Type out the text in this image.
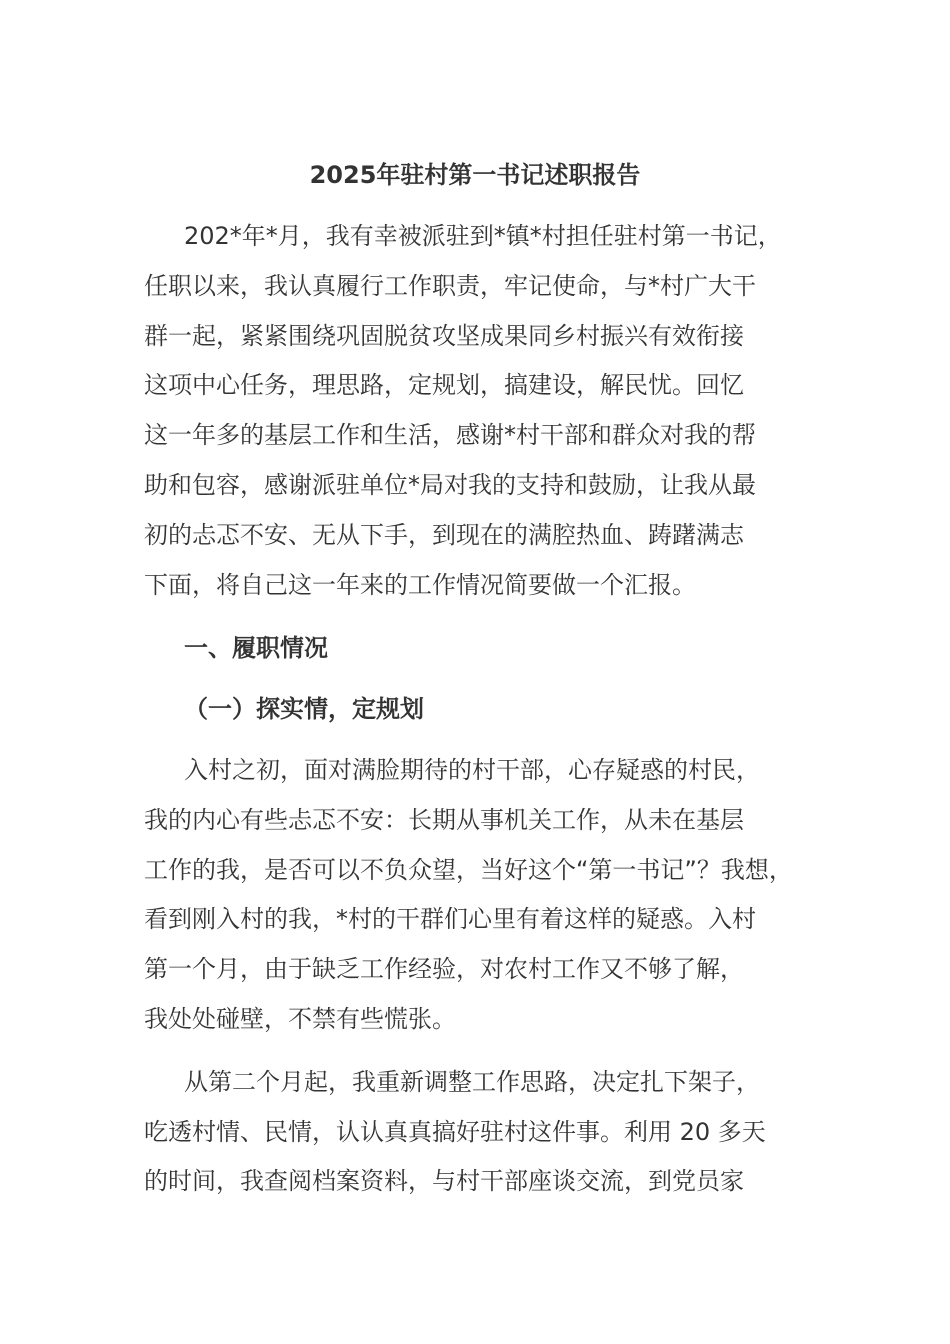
2025年驻村第一书记述职报告
202*年*月，我有幸被派驻到*镇*村担任驻村第一书记，
任职以来，我认真履行工作职责，牢记使命，与*村广大干
群一起，紧紧围绕巩固脱贫攻坚成果同乡村振兴有效衔接
这项中心任务，理思路，定规划，搞建设，解民忧。回忆
这一年多的基层工作和生活，感谢*村干部和群众对我的帮
助和包容，感谢派驻单位*局对我的支持和鼓励，让我从最
初的忐忑不安、无从下手，到现在的满腔热血、踌躇满志
下面，将自己这一年来的工作情况简要做一个汇报。
一、履职情况
（一）探实情，定规划
入村之初，面对满脸期待的村干部，心存疑惑的村民，
我的内心有些忐忑不安：长期从事机关工作，从未在基层
工作的我，是否可以不负众望，当好这个“第一书记”？我想，
看到刚入村的我，*村的干群们心里有着这样的疑惑。入村
第一个月，由于缺乏工作经验，对农村工作又不够了解，
我处处碰壁，不禁有些慌张。
从第二个月起，我重新调整工作思路，决定扎下架子，
吃透村情、民情，认认真真搞好驻村这件事。利用 20 多天
的时间，我查阅档案资料，与村干部座谈交流，到党员家
